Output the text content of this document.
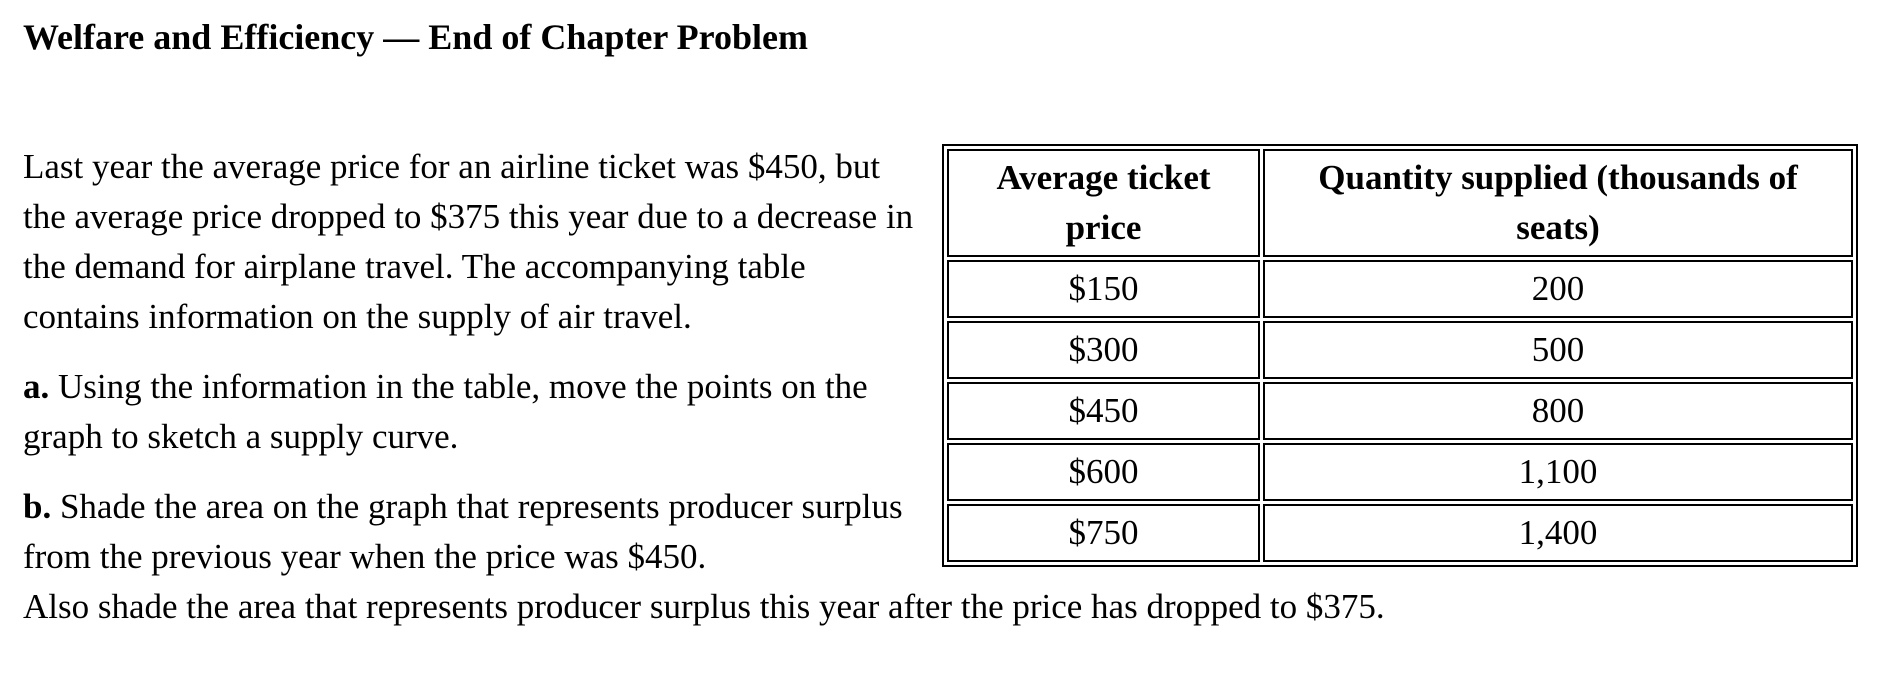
Welfare and Efficiency — End of Chapter Problem
Average ticket price	Quantity supplied (thousands of seats)
$150	200
$300	500
$450	800
$600	1,100
$750	1,400

Last year the average price for an airline ticket was $450, but the average price dropped to $375 this year due to a decrease in the demand for airplane travel. The accompanying table contains information on the supply of air travel.

a. Using the information in the table, move the points on the graph to sketch a supply curve.

b. Shade the area on the graph that represents producer surplus from the previous year when the price was $450.
Also shade the area that represents producer surplus this year after the price has dropped to $375.
